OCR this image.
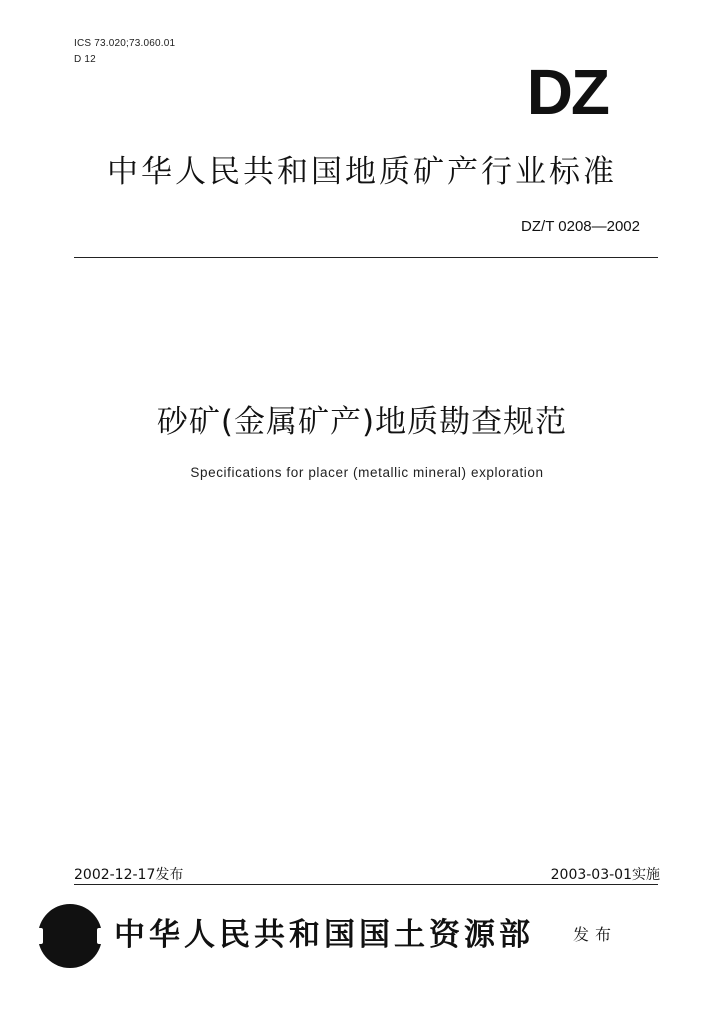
ICS 73.020;73.060.01
D 12	DZ
中华人民共和国地质矿产行业标准
DZ/T 0208—2002
砂矿(金属矿产)地质勘查规范
Specifications for placer (metallic mineral) exploration
2002-12-17发布	2003-03-01实施
中华人民共和国国土资源部 发布
